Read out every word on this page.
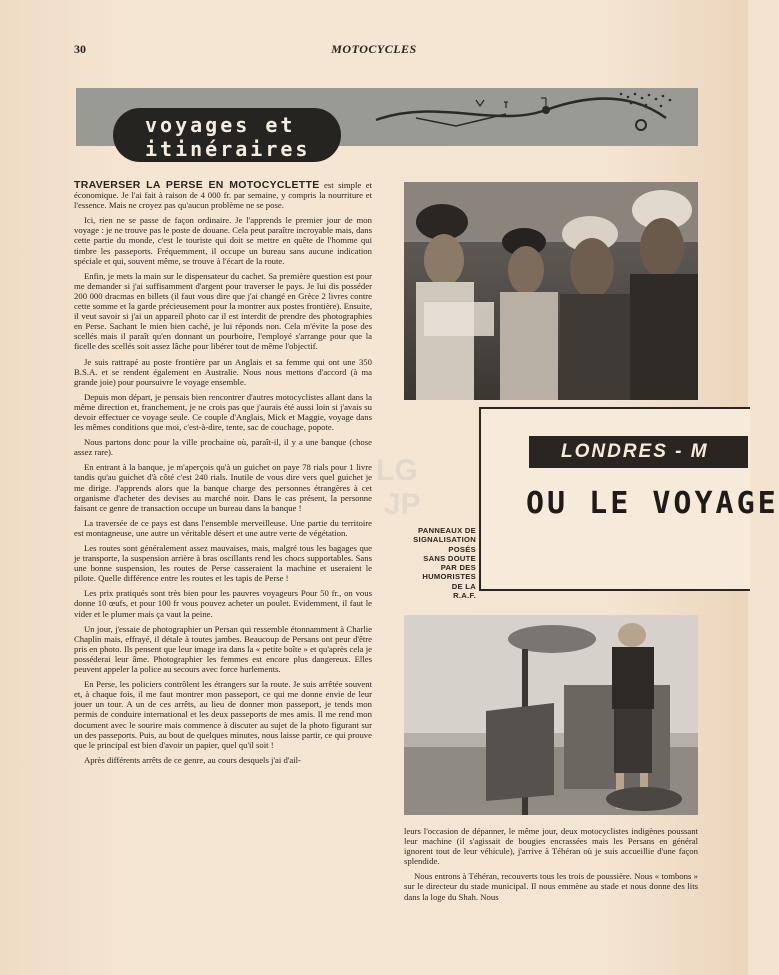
30	MOTOCYCLES
voyages et
itinéraires

TRAVERSER LA PERSE EN MOTOCYCLETTE est simple et économique. Je l'ai fait à raison de 4 000 fr. par semaine, y compris la nourriture et l'essence. Mais ne croyez pas qu'aucun problème ne se pose.

Ici, rien ne se passe de façon ordinaire. Je l'apprends le premier jour de mon voyage : je ne trouve pas le poste de douane. Cela peut paraître incroyable mais, dans cette partie du monde, c'est le touriste qui doit se mettre en quête de l'homme qui timbre les passeports. Fréquemment, il occupe un bureau sans aucune indication spéciale et qui, souvent même, se trouve à l'écart de la route.

Enfin, je mets la main sur le dispensateur du cachet. Sa première question est pour me demander si j'ai suffisamment d'argent pour traverser le pays. Je lui dis posséder 200 000 dracmas en billets (il faut vous dire que j'ai changé en Grèce 2 livres contre cette somme et la garde précieusement pour la montrer aux postes frontière). Ensuite, il veut savoir si j'ai un appareil photo car il est interdit de prendre des photographies en Perse. Sachant le mien bien caché, je lui réponds non. Cela m'évite la pose des scellés mais il paraît qu'en donnant un pourboire, l'employé s'arrange pour que la ficelle des scellés soit assez lâche pour libérer tout de même l'objectif.

Je suis rattrapé au poste frontière par un Anglais et sa femme qui ont une 350 B.S.A. et se rendent également en Australie. Nous nous mettons d'accord (à ma grande joie) pour poursuivre le voyage ensemble.

Depuis mon départ, je pensais bien rencontrer d'autres motocyclistes allant dans la même direction et, franchement, je ne crois pas que j'aurais été aussi loin si j'avais su devoir effectuer ce voyage seule. Ce couple d'Anglais, Mick et Maggie, voyage dans les mêmes conditions que moi, c'est-à-dire, tente, sac de couchage, popote.

Nous partons donc pour la ville prochaine où, paraît-il, il y a une banque (chose assez rare).

En entrant à la banque, je m'aperçois qu'à un guichet on paye 78 rials pour 1 livre tandis qu'au guichet d'à côté c'est 240 rials. Inutile de vous dire vers quel guichet je me dirige. J'apprends alors que la banque charge des personnes étrangères à cet organisme d'acheter des devises au marché noir. Dans le cas présent, la personne faisant ce genre de transaction occupe un bureau dans la banque !

La traversée de ce pays est dans l'ensemble merveilleuse. Une partie du territoire est montagneuse, une autre un véritable désert et une autre verte de végétation.

Les routes sont généralement assez mauvaises, mais, malgré tous les bagages que je transporte, la suspension arrière à bras oscillants rend les chocs supportables. Sans une bonne suspension, les routes de Perse casseraient la machine et useraient le pilote. Quelle différence entre les routes et les tapis de Perse !

Les prix pratiqués sont très bien pour les pauvres voyageurs Pour 50 fr., on vous donne 10 œufs, et pour 100 fr vous pouvez acheter un poulet. Evidemment, il faut le vider et le plumer mais ça vaut la peine.

Un jour, j'essaie de photographier un Persan qui ressemble étonnamment à Charlie Chaplin mais, effrayé, il détale à toutes jambes. Beaucoup de Persans ont peur d'être pris en photo. Ils pensent que leur image ira dans la « petite boîte » et qu'après cela je posséderai leur âme. Photographier les femmes est encore plus dangereux. Elles peuvent appeler la police au secours avec force hurlements.

En Perse, les policiers contrôlent les étrangers sur la route. Je suis arrêtée souvent et, à chaque fois, il me faut montrer mon passeport, ce qui me donne envie de leur jouer un tour. A un de ces arrêts, au lieu de donner mon passeport, je tends mon permis de conduire international et les deux passeports de mes amis. Il me rend mon document avec le sourire mais commence à discuter au sujet de la photo figurant sur un des passeports. Puis, au bout de quelques minutes, nous laisse partir, ce qui prouve que le principal est bien d'avoir un papier, quel qu'il soit !

Après différents arrêts de ce genre, au cours desquels j'ai d'ail-

LONDRES - M
OU LE VOYAGE
PANNEAUX DE
SIGNALISATION
POSÉS
SANS DOUTE
PAR DES
HUMORISTES
DE LA
R.A.F.

leurs l'occasion de dépanner, le même jour, deux motocyclistes indigènes poussant leur machine (il s'agissait de bougies encrassées mais les Persans en général ignorent tout de leur véhicule), j'arrive à Téhéran où je suis accueillie d'une façon splendide.

Nous entrons à Téhéran, recouverts tous les trois de poussière. Nous « tombons » sur le directeur du stade municipal. Il nous emmène au stade et nous donne des lits dans la loge du Shah. Nous

LG
JP
